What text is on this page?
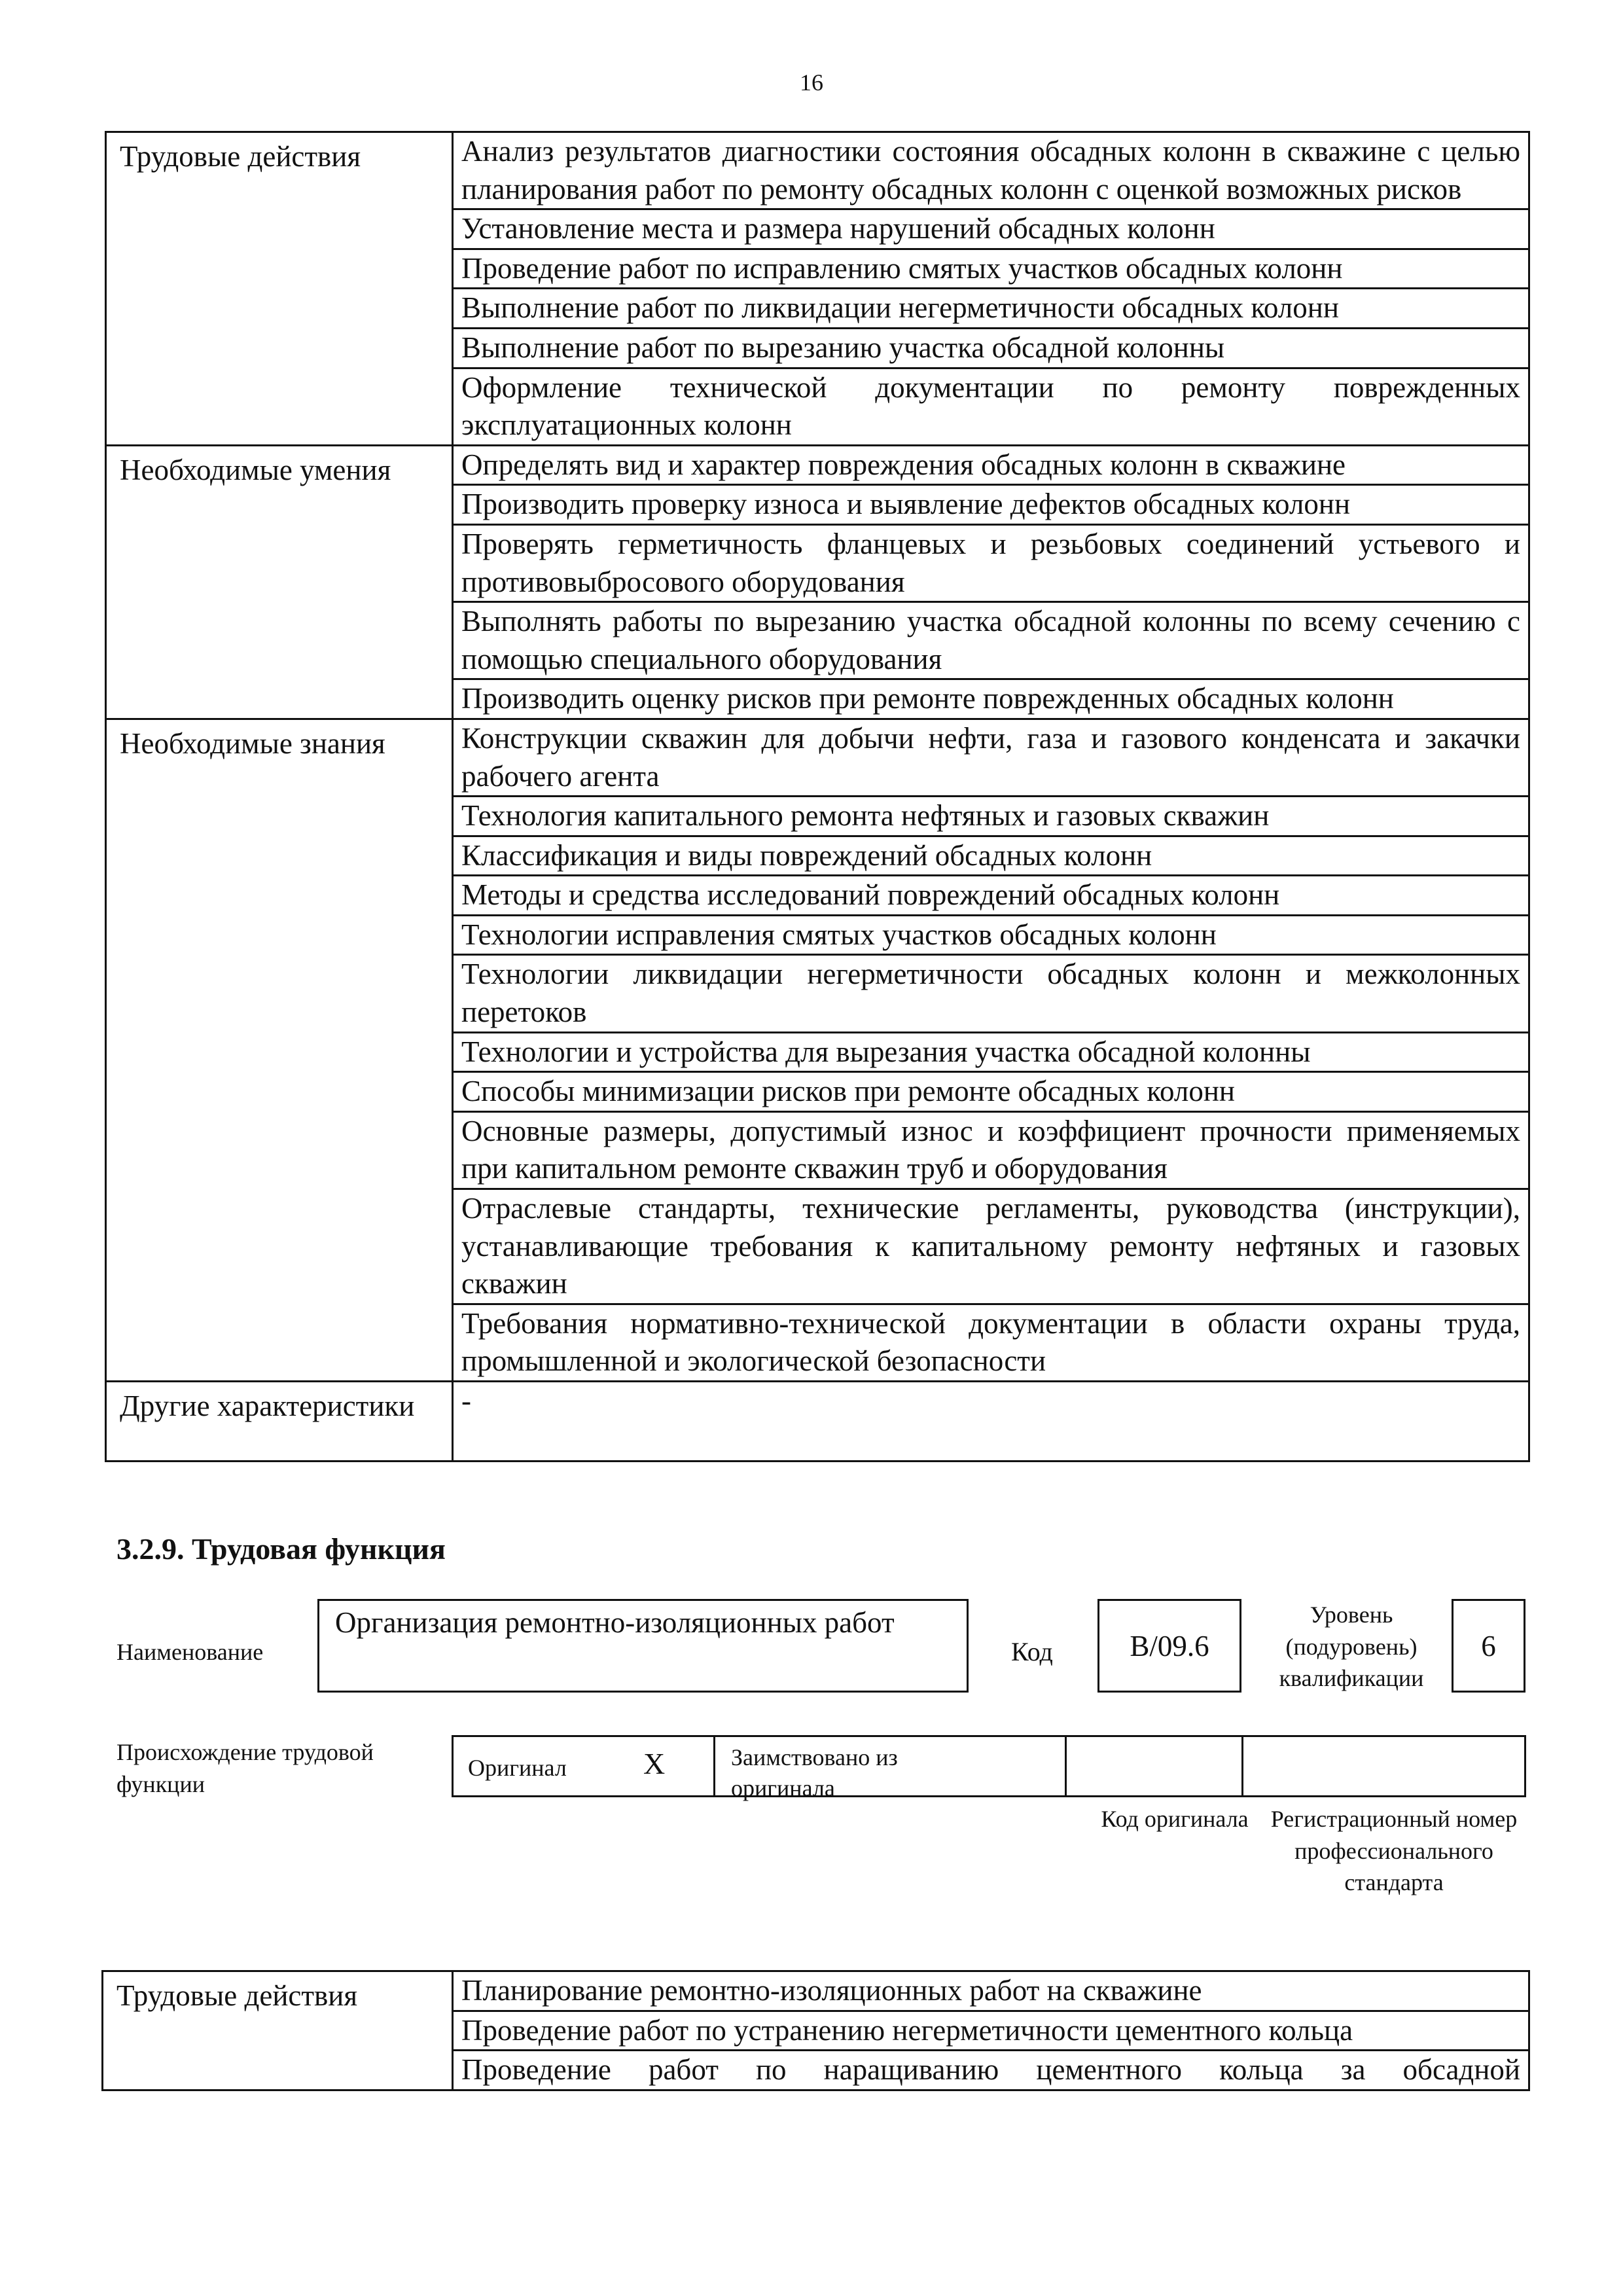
16
Трудовые действия	Анализ результатов диагностики состояния обсадных колонн в скважине с целью планирования работ по ремонту обсадных колонн с оценкой возможных рисков
	Установление места и размера нарушений обсадных колонн
	Проведение работ по исправлению смятых участков обсадных колонн
	Выполнение работ по ликвидации негерметичности обсадных колонн
	Выполнение работ по вырезанию участка обсадной колонны
	Оформление технической документации по ремонту поврежденных эксплуатационных колонн
Необходимые умения	Определять вид и характер повреждения обсадных колонн в скважине
	Производить проверку износа и выявление дефектов обсадных колонн
	Проверять герметичность фланцевых и резьбовых соединений устьевого и противовыбросового оборудования
	Выполнять работы по вырезанию участка обсадной колонны по всему сечению с помощью специального оборудования
	Производить оценку рисков при ремонте поврежденных обсадных колонн
Необходимые знания	Конструкции скважин для добычи нефти, газа и газового конденсата и закачки рабочего агента
	Технология капитального ремонта нефтяных и газовых скважин
	Классификация и виды повреждений обсадных колонн
	Методы и средства исследований повреждений обсадных колонн
	Технологии исправления смятых участков обсадных колонн
	Технологии ликвидации негерметичности обсадных колонн и межколонных перетоков
	Технологии и устройства для вырезания участка обсадной колонны
	Способы минимизации рисков при ремонте обсадных колонн
	Основные размеры, допустимый износ и коэффициент прочности применяемых при капитальном ремонте скважин труб и оборудования
	Отраслевые стандарты, технические регламенты, руководства (инструкции), устанавливающие требования к капитальному ремонту нефтяных и газовых скважин
	Требования нормативно-технической документации в области охраны труда, промышленной и экологической безопасности
Другие характеристики	-
3.2.9. Трудовая функция
Наименование
Организация ремонтно-изоляционных работ
Код	B/09.6
Уровень (подуровень) квалификации
6
Происхождение трудовой функции
Оригинал	X	Заимствовано из оригинала
Код оригинала Регистрационный номер профессионального стандарта
Трудовые действия	Планирование ремонтно-изоляционных работ на скважине
Проведение работ по устранению негерметичности цементного кольца
Проведение работ по наращиванию цементного кольца за обсадной
